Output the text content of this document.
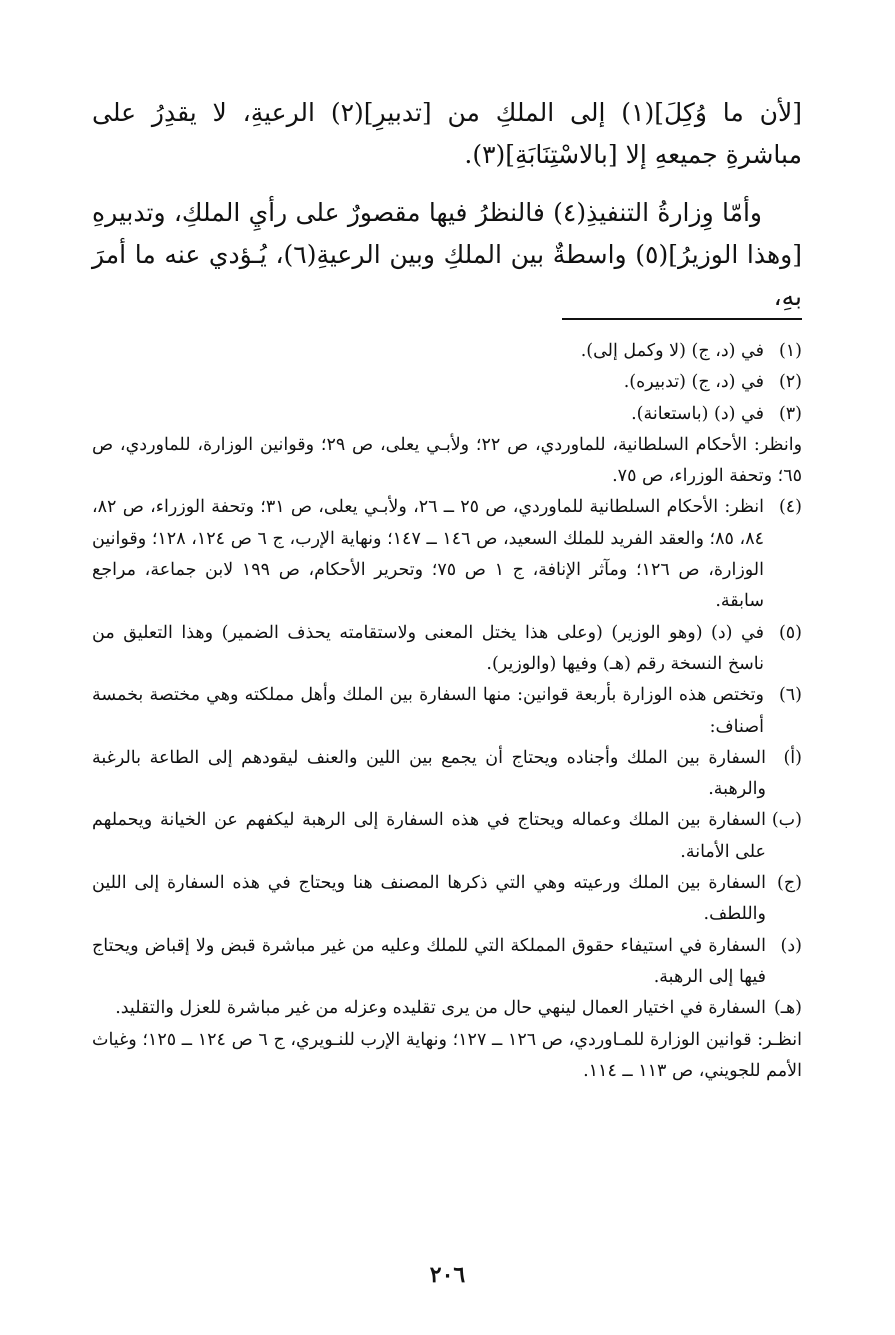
[لأن ما وُكِلَ](١) إلى الملكِ من [تدبيرِ](٢) الرعيةِ، لا يقدِرُ على مباشرةِ جميعهِ إلا [بالاسْتِنَابَةِ](٣).

وأمّا وِزارةُ التنفيذِ(٤) فالنظرُ فيها مقصورٌ على رأيِ الملكِ، وتدبيرهِ [وهذا الوزيرُ](٥) واسطةٌ بين الملكِ وبين الرعيةِ(٦)، يُـؤدي عنه ما أمرَ بهِ،

(١)
في (د، ج) (لا وكمل إلى).
(٢)
في (د، ج) (تدبيره).
(٣)
في (د) (باستعانة).

وانظر: الأحكام السلطانية، للماوردي، ص ٢٢؛ ولأبـي يعلى، ص ٢٩؛ وقوانين الوزارة، للماوردي، ص ٦٥؛ وتحفة الوزراء، ص ٧٥.

(٤)
انظر: الأحكام السلطانية للماوردي، ص ٢٥ ــ ٢٦، ولأبـي يعلى، ص ٣١؛ وتحفة الوزراء، ص ٨٢، ٨٤، ٨٥؛ والعقد الفريد للملك السعيد، ص ١٤٦ ــ ١٤٧؛ ونهاية الإرب، ج ٦ ص ١٢٤، ١٢٨؛ وقوانين الوزارة، ص ١٢٦؛ ومآثر الإنافة، ج ١ ص ٧٥؛ وتحرير الأحكام، ص ١٩٩ لابن جماعة، مراجع سابقة.
(٥)
في (د) (وهو الوزير) (وعلى هذا يختل المعنى ولاستقامته يحذف الضمير) وهذا التعليق من ناسخ النسخة رقم (هـ) وفيها (والوزير).
(٦)
وتختص هذه الوزارة بأربعة قوانين: منها السفارة بين الملك وأهل مملكته وهي مختصة بخمسة أصناف:
(أ)
السفارة بين الملك وأجناده ويحتاج أن يجمع بين اللين والعنف ليقودهم إلى الطاعة بالرغبة والرهبة.
(ب)
السفارة بين الملك وعماله ويحتاج في هذه السفارة إلى الرهبة ليكفهم عن الخيانة ويحملهم على الأمانة.
(ج)
السفارة بين الملك ورعيته وهي التي ذكرها المصنف هنا ويحتاج في هذه السفارة إلى اللين واللطف.
(د)
السفارة في استيفاء حقوق المملكة التي للملك وعليه من غير مباشرة قبض ولا إقباض ويحتاج فيها إلى الرهبة.
(هـ)
السفارة في اختيار العمال لينهي حال من يرى تقليده وعزله من غير مباشرة للعزل والتقليد.

انظـر: قوانين الوزارة للمـاوردي، ص ١٢٦ ــ ١٢٧؛ ونهاية الإرب للنـويري، ج ٦ ص ١٢٤ ــ ١٢٥؛ وغياث الأمم للجويني، ص ١١٣ ــ ١١٤.

٢٠٦
